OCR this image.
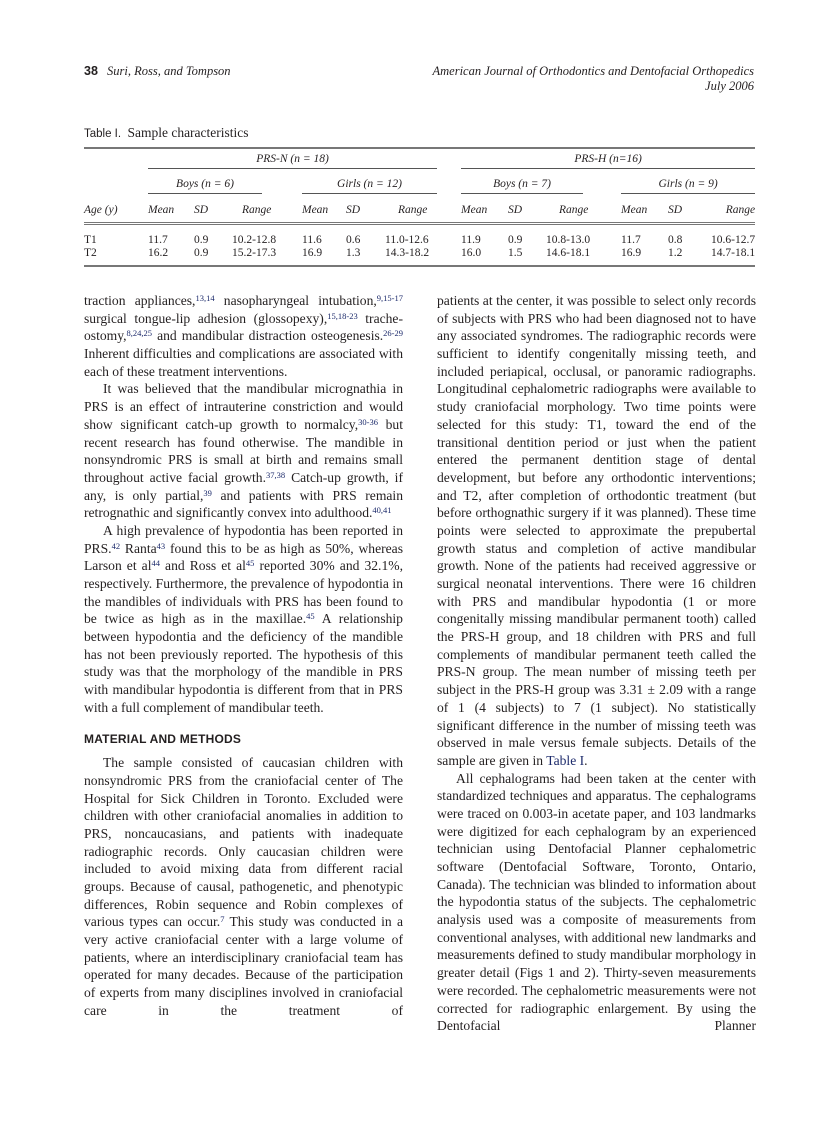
38 Suri, Ross, and Tompson	American Journal of Orthodontics and Dentofacial Orthopedics
July 2006
Table I. Sample characteristics

	PRS-N (n = 18)						PRS-H (n=16)					

	Boys (n = 6)			Girls (n = 12)			Boys (n = 7)			Girls (n = 9)		

Age (y)	Mean	SD	Range	Mean	SD	Range	Mean	SD	Range	Mean	SD	Range
T1	11.7	0.9	10.2-12.8	11.6	0.6	11.0-12.6	11.9	0.9	10.8-13.0	11.7	0.8	10.6-12.7
T2	16.2	0.9	15.2-17.3	16.9	1.3	14.3-18.2	16.0	1.5	14.6-18.1	16.9	1.2	14.7-18.1

traction appliances,$^{13,14}$ nasopharyngeal intubation,$^{9,15-17}$ surgical tongue-lip adhesion (glossopexy),$^{15,18-23}$ tracheostomy,$^{8,24,25}$ and mandibular distraction osteogenesis.$^{26-29}$ Inherent difficulties and complications are associated with each of these treatment interventions.

It was believed that the mandibular micrognathia in PRS is an effect of intrauterine constriction and would show significant catch-up growth to normalcy,$^{30-36}$ but recent research has found otherwise. The mandible in nonsyndromic PRS is small at birth and remains small throughout active facial growth.$^{37,38}$ Catch-up growth, if any, is only partial,$^{39}$ and patients with PRS remain retrognathic and significantly convex into adulthood.$^{40,41}$

A high prevalence of hypodontia has been reported in PRS.$^{42}$ Ranta$^{43}$ found this to be as high as 50%, whereas Larson et $al^{44}$ and Ross et $al^{45}$ reported 30% and 32.1%, respectively. Furthermore, the prevalence of hypodontia in the mandibles of individuals with PRS has been found to be twice as high as in the maxillae.$^{45}$ A relationship between hypodontia and the deficiency of the mandible has not been previously reported. The hypothesis of this study was that the morphology of the mandible in PRS with mandibular hypodontia is different from that in PRS with a full complement of mandibular teeth.

MATERIAL AND METHODS

The sample consisted of caucasian children with nonsyndromic PRS from the craniofacial center of The Hospital for Sick Children in Toronto. Excluded were children with other craniofacial anomalies in addition to PRS, noncaucasians, and patients with inadequate radiographic records. Only caucasian children were included to avoid mixing data from different racial groups. Because of causal, pathogenetic, and phenotypic differences, Robin sequence and Robin complexes of various types can occur.$^7$ This study was conducted in a very active craniofacial center with a large volume of patients, where an interdisciplinary craniofacial team has operated for many decades. Because of the participation of experts from many disciplines involved in craniofacial care in the treatment of

patients at the center, it was possible to select only records of subjects with PRS who had been diagnosed not to have any associated syndromes. The radiographic records were sufficient to identify congenitally missing teeth, and included periapical, occlusal, or panoramic radiographs. Longitudinal cephalometric radiographs were available to study craniofacial morphology. Two time points were selected for this study: T1, toward the end of the transitional dentition period or just when the patient entered the permanent dentition stage of dental development, but before any orthodontic interventions; and T2, after completion of orthodontic treatment (but before orthognathic surgery if it was planned). These time points were selected to approximate the prepubertal growth status and completion of active mandibular growth. None of the patients had received aggressive or surgical neonatal interventions. There were 16 children with PRS and mandibular hypodontia (1 or more congenitally missing mandibular permanent tooth) called the PRS-H group, and 18 children with PRS and full complements of mandibular permanent teeth called the PRS-N group. The mean number of missing teeth per subject in the PRS-H group was 3.31 ± 2.09 with a range of 1 (4 subjects) to 7 (1 subject). No statistically significant difference in the number of missing teeth was observed in male versus female subjects. Details of the sample are given in Table I.

All cephalograms had been taken at the center with standardized techniques and apparatus. The cephalograms were traced on 0.003-in acetate paper, and 103 landmarks were digitized for each cephalogram by an experienced technician using Dentofacial Planner cephalometric software (Dentofacial Software, Toronto, Ontario, Canada). The technician was blinded to information about the hypodontia status of the subjects. The cephalometric analysis used was a composite of measurements from conventional analyses, with additional new landmarks and measurements defined to study mandibular morphology in greater detail (Figs 1 and 2). Thirty-seven measurements were recorded. The cephalometric measurements were not corrected for radiographic enlargement. By using the Dentofacial Planner
